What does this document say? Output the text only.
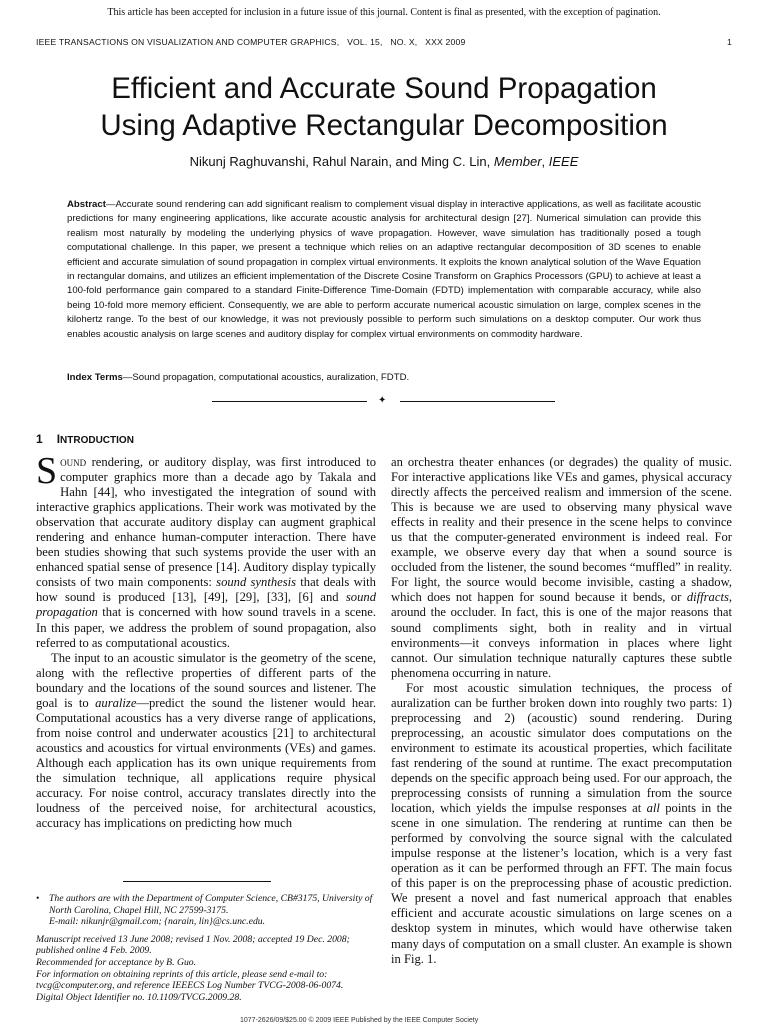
This article has been accepted for inclusion in a future issue of this journal. Content is final as presented, with the exception of pagination.
IEEE TRANSACTIONS ON VISUALIZATION AND COMPUTER GRAPHICS, VOL. 15, NO. X, XXX 2009	1
Efficient and Accurate Sound Propagation
Using Adaptive Rectangular Decomposition
Nikunj Raghuvanshi, Rahul Narain, and Ming C. Lin, Member, IEEE
Abstract—Accurate sound rendering can add significant realism to complement visual display in interactive applications, as well as facilitate acoustic predictions for many engineering applications, like accurate acoustic analysis for architectural design [27]. Numerical simulation can provide this realism most naturally by modeling the underlying physics of wave propagation. However, wave simulation has traditionally posed a tough computational challenge. In this paper, we present a technique which relies on an adaptive rectangular decomposition of 3D scenes to enable efficient and accurate simulation of sound propagation in complex virtual environments. It exploits the known analytical solution of the Wave Equation in rectangular domains, and utilizes an efficient implementation of the Discrete Cosine Transform on Graphics Processors (GPU) to achieve at least a 100-fold performance gain compared to a standard Finite-Difference Time-Domain (FDTD) implementation with comparable accuracy, while also being 10-fold more memory efficient. Consequently, we are able to perform accurate numerical acoustic simulation on large, complex scenes in the kilohertz range. To the best of our knowledge, it was not previously possible to perform such simulations on a desktop computer. Our work thus enables acoustic analysis on large scenes and auditory display for complex virtual environments on commodity hardware.
Index Terms—Sound propagation, computational acoustics, auralization, FDTD.
✦
1 INTRODUCTION

Sound rendering, or auditory display, was first introduced to computer graphics more than a decade ago by Takala and Hahn [44], who investigated the integration of sound with interactive graphics applications. Their work was motivated by the observation that accurate auditory display can augment graphical rendering and enhance human-computer interaction. There have been studies showing that such systems provide the user with an enhanced spatial sense of presence [14]. Auditory display typically consists of two main components: sound synthesis that deals with how sound is produced [13], [49], [29], [33], [6] and sound propagation that is concerned with how sound travels in a scene. In this paper, we address the problem of sound propagation, also referred to as computational acoustics.

The input to an acoustic simulator is the geometry of the scene, along with the reflective properties of different parts of the boundary and the locations of the sound sources and listener. The goal is to auralize—predict the sound the listener would hear. Computational acoustics has a very diverse range of applications, from noise control and underwater acoustics [21] to architectural acoustics and acoustics for virtual environments (VEs) and games. Although each application has its own unique requirements from the simulation technique, all applications require physical accuracy. For noise control, accuracy translates directly into the loudness of the perceived noise, for architectural acoustics, accuracy has implications on predicting how much

an orchestra theater enhances (or degrades) the quality of music. For interactive applications like VEs and games, physical accuracy directly affects the perceived realism and immersion of the scene. This is because we are used to observing many physical wave effects in reality and their presence in the scene helps to convince us that the computer-generated environment is indeed real. For example, we observe every day that when a sound source is occluded from the listener, the sound becomes “muffled” in reality. For light, the source would become invisible, casting a shadow, which does not happen for sound because it bends, or diffracts, around the occluder. In fact, this is one of the major reasons that sound compliments sight, both in reality and in virtual environments—it conveys information in places where light cannot. Our simulation technique naturally captures these subtle phenomena occurring in nature.

For most acoustic simulation techniques, the process of auralization can be further broken down into roughly two parts: 1) preprocessing and 2) (acoustic) sound rendering. During preprocessing, an acoustic simulator does computations on the environment to estimate its acoustical properties, which facilitate fast rendering of the sound at runtime. The exact precomputation depends on the specific approach being used. For our approach, the preprocessing consists of running a simulation from the source location, which yields the impulse responses at all points in the scene in one simulation. The rendering at runtime can then be performed by convolving the source signal with the calculated impulse response at the listener’s location, which is a very fast operation as it can be performed through an FFT. The main focus of this paper is on the preprocessing phase of acoustic prediction. We present a novel and fast numerical approach that enables efficient and accurate acoustic simulations on large scenes on a desktop system in minutes, which would have otherwise taken many days of computation on a small cluster. An example is shown in Fig. 1.

• The authors are with the Department of Computer Science, CB#3175, University of North Carolina, Chapel Hill, NC 27599-3175.
E-mail: nikunjr@gmail.com; {narain, lin}@cs.unc.edu.
Manuscript received 13 June 2008; revised 1 Nov. 2008; accepted 19 Dec. 2008; published online 4 Feb. 2009.
Recommended for acceptance by B. Guo.
For information on obtaining reprints of this article, please send e-mail to: tvcg@computer.org, and reference IEEECS Log Number TVCG-2008-06-0074.
Digital Object Identifier no. 10.1109/TVCG.2009.28.
1077-2626/09/$25.00 © 2009 IEEE Published by the IEEE Computer Society
